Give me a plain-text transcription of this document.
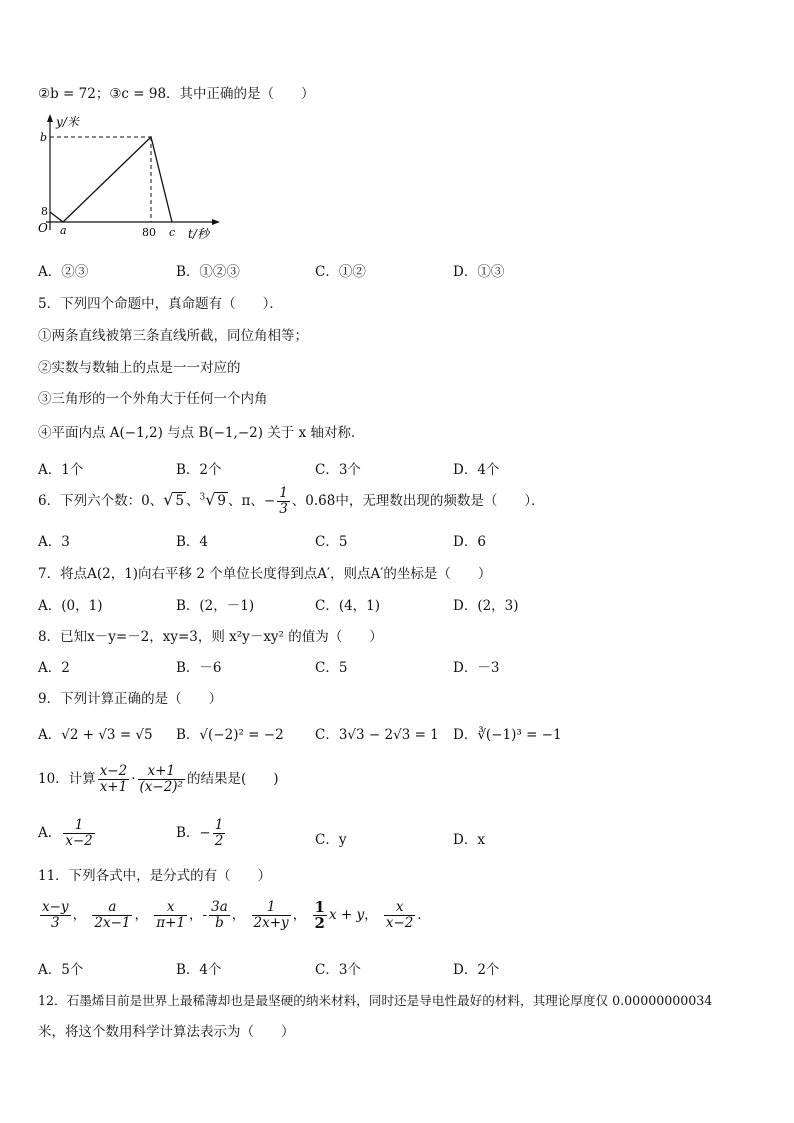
②b = 72；③c = 98．其中正确的是（　　）
y/米
b
8
O a	80 c t/秒
A．②③	B．①②③	C．①②	D．①③
5．下列四个命题中，真命题有（　　）．
①两条直线被第三条直线所截，同位角相等；
②实数与数轴上的点是一一对应的
③三角形的一个外角大于任何一个内角
④平面内点 A(−1,2) 与点 B(−1,−2) 关于 x 轴对称．
A．1个	B．2个	C．3个	D．4个
6．下列六个数：0、√ 5 、$^3$√ 9 、π、− $\frac{1}{3}$ 、0.6̇8̇中，无理数出现的频数是（　　）．
A．3	B．4	C．5	D．6
7．将点A(2，1)向右平移 2 个单位长度得到点A′，则点A′的坐标是（　　）
A．(0，1)	B．(2，－1)	C．(4，1)	D．(2，3)
8．已知x－y=－2，xy=3，则 x²y－xy² 的值为（　　）
A．2	B．－6	C．5	D．－3
9．下列计算正确的是（　　）
A．√2 + √3 = √5 B．√(−2)² = −2 C．3√3 − 2√3 = 1 D．∛(−1)³ = −1
10．计算 $\frac{x-2}{x+1} \cdot \frac{x+1}{\text{(x−2)²}}$ 的结果是(　　)
A． $\frac{1}{x-2}$	B．− $\frac{1}{2}$	C．y	D．x
11．下列各式中，是分式的有（　　）
$\frac{x-y}{3}$ ， $\frac{a}{2x-1}$ ， $\frac{x}{\pi+1}$ ，- $\frac{3a}{b}$ ， $\frac{1}{2x+y}$ ， $\frac{1}{2}$ x + y， $\frac{x}{x-2}$ ．
A．5个	B．4个	C．3个	D．2个
12．石墨烯目前是世界上最稀薄却也是最坚硬的纳米材料，同时还是导电性最好的材料，其理论厚度仅 0.00000000034
米，将这个数用科学计算法表示为（　　）
